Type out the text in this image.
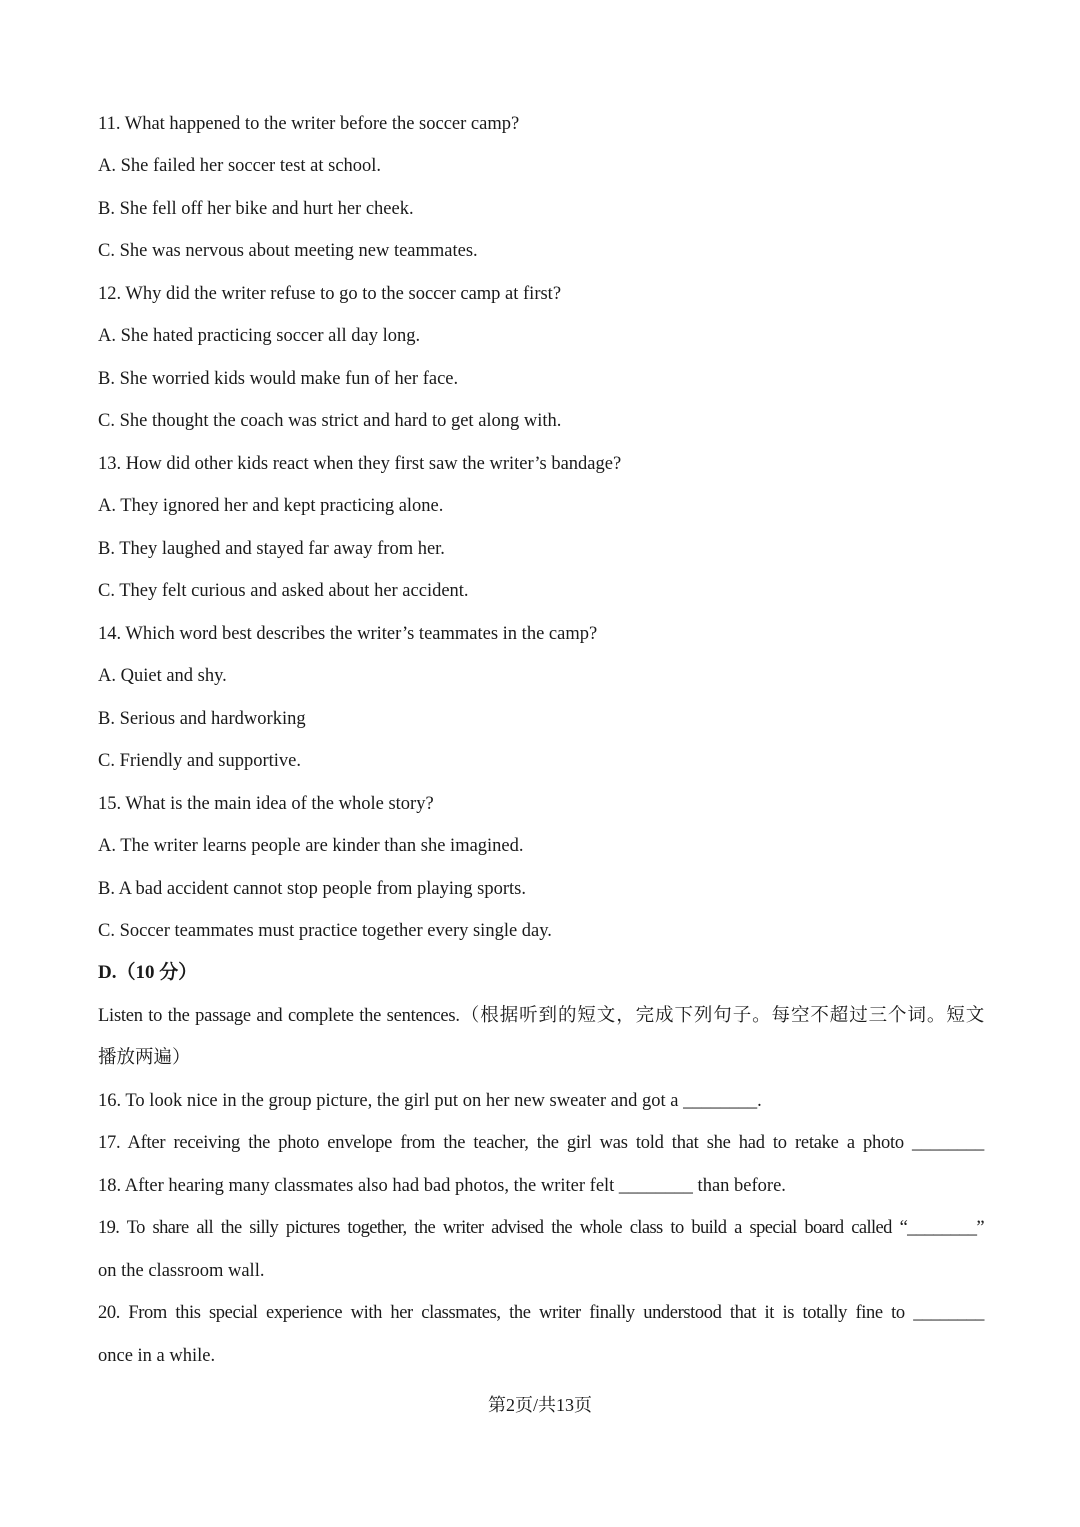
11. What happened to the writer before the soccer camp?
A. She failed her soccer test at school.
B. She fell off her bike and hurt her cheek.
C. She was nervous about meeting new teammates.
12. Why did the writer refuse to go to the soccer camp at first?
A. She hated practicing soccer all day long.
B. She worried kids would make fun of her face.
C. She thought the coach was strict and hard to get along with.
13. How did other kids react when they first saw the writer’s bandage?
A. They ignored her and kept practicing alone.
B. They laughed and stayed far away from her.
C. They felt curious and asked about her accident.
14. Which word best describes the writer’s teammates in the camp?
A. Quiet and shy.
B. Serious and hardworking
C. Friendly and supportive.
15. What is the main idea of the whole story?
A. The writer learns people are kinder than she imagined.
B. A bad accident cannot stop people from playing sports.
C. Soccer teammates must practice together every single day.
D.（10 分）
Listen to the passage and complete the sentences.（根据听到的短文，完成下列句子。每空不超过三个词。短文
播放两遍）
16. To look nice in the group picture, the girl put on her new sweater and got a ________.
17. After receiving the photo envelope from the teacher, the girl was told that she had to retake a photo ________
18. After hearing many classmates also had bad photos, the writer felt ________ than before.
19. To share all the silly pictures together, the writer advised the whole class to build a special board called “________”
on the classroom wall.
20. From this special experience with her classmates, the writer finally understood that it is totally fine to ________
once in a while.
第2页/共13页
